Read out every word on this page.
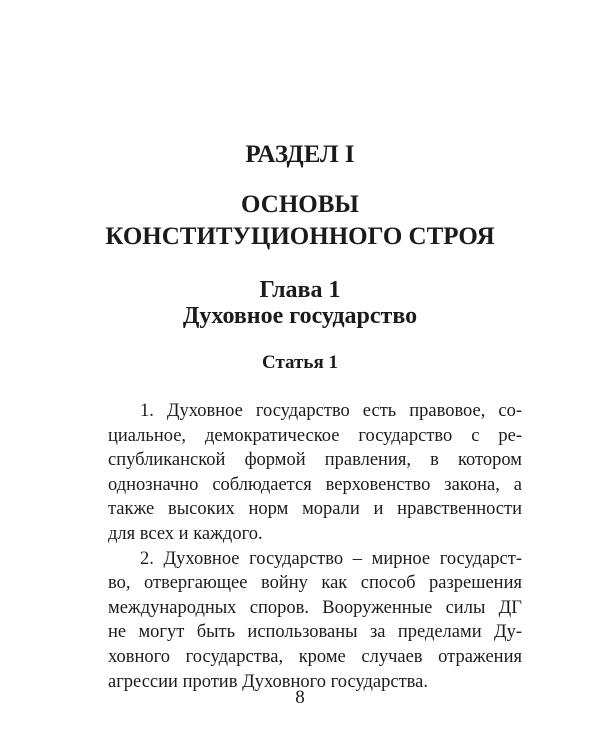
РАЗДЕЛ I
ОСНОВЫ
КОНСТИТУЦИОННОГО СТРОЯ
Глава 1
Духовное государство
Статья 1
1. Духовное государство есть правовое, со-
циальное, демократическое государство с ре-
спубликанской формой правления, в котором
однозначно соблюдается верховенство закона, а
также высоких норм морали и нравственности
для всех и каждого.
2. Духовное государство – мирное государст-
во, отвергающее войну как способ разрешения
международных споров. Вооруженные силы ДГ
не могут быть использованы за пределами Ду-
ховного государства, кроме случаев отражения
агрессии против Духовного государства.
8
